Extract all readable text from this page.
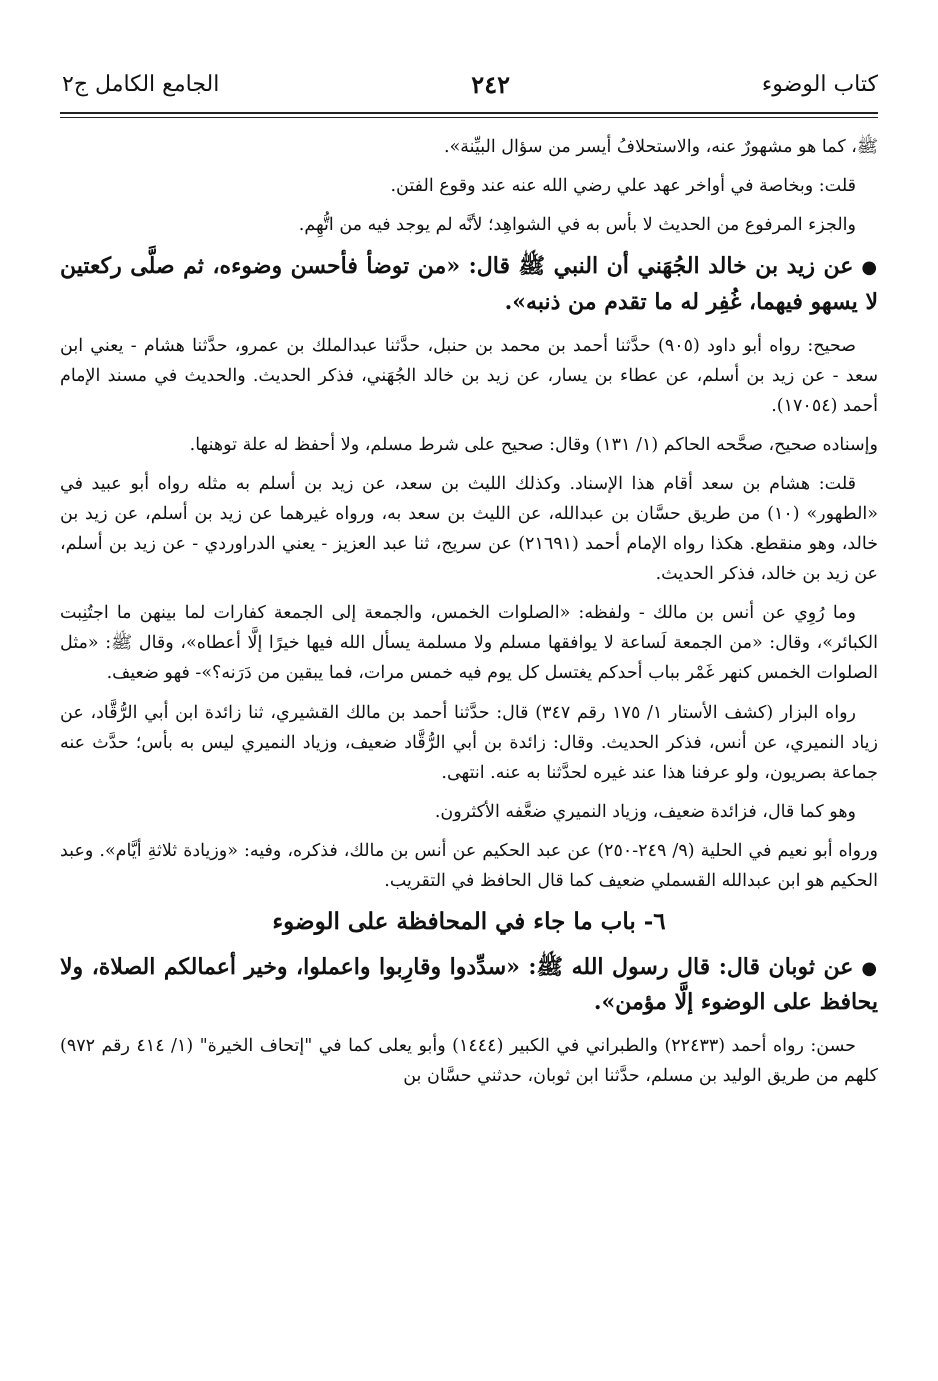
كتاب الوضوء
٢٤٢
الجامع الكامل ج٢

ﷺ، كما هو مشهورٌ عنه، والاستحلافُ أيسر من سؤال البيِّنة».

قلت: وبخاصة في أواخر عهد علي رضي الله عنه عند وقوع الفتن.

والجزء المرفوع من الحديث لا بأس به في الشواهِد؛ لأنَّه لم يوجد فيه من اتُّهِم.

●عن زيد بن خالد الجُهَني أن النبي ﷺ قال: «من توضأ فأحسن وضوءه، ثم صلَّى ركعتين لا يسهو فيهما، غُفِر له ما تقدم من ذنبه».

صحيح: رواه أبو داود (٩٠٥) حدَّثنا أحمد بن محمد بن حنبل، حدَّثنا عبدالملك بن عمرو، حدَّثنا هشام - يعني ابن سعد - عن زيد بن أسلم، عن عطاء بن يسار، عن زيد بن خالد الجُهَني، فذكر الحديث. والحديث في مسند الإمام أحمد (١٧٠٥٤).

وإسناده صحيح، صحَّحه الحاكم (١/ ١٣١) وقال: صحيح على شرط مسلم، ولا أحفظ له علة توهنها.

قلت: هشام بن سعد أقام هذا الإسناد. وكذلك الليث بن سعد، عن زيد بن أسلم به مثله رواه أبو عبيد في «الطهور» (١٠) من طريق حسَّان بن عبدالله، عن الليث بن سعد به، ورواه غيرهما عن زيد بن أسلم، عن زيد بن خالد، وهو منقطع. هكذا رواه الإمام أحمد (٢١٦٩١) عن سريج، ثنا عبد العزيز - يعني الدراوردي - عن زيد بن أسلم، عن زيد بن خالد، فذكر الحديث.

وما رُوِي عن أنس بن مالك - ولفظه: «الصلوات الخمس، والجمعة إلى الجمعة كفارات لما بينهن ما اجتُنِبت الكبائر»، وقال: «من الجمعة لَساعة لا يوافقها مسلم ولا مسلمة يسأل الله فيها خيرًا إلَّا أعطاه»، وقال ﷺ: «مثل الصلوات الخمس كنهر غَمْر بباب أحدكم يغتسل كل يوم فيه خمس مرات، فما يبقين من دَرَنه؟»- فهو ضعيف.

رواه البزار (كشف الأستار ١/ ١٧٥ رقم ٣٤٧) قال: حدَّثنا أحمد بن مالك القشيري، ثنا زائدة ابن أبي الرُّقَّاد، عن زياد النميري، عن أنس، فذكر الحديث. وقال: زائدة بن أبي الرُّقَّاد ضعيف، وزياد النميري ليس به بأس؛ حدَّث عنه جماعة بصريون، ولو عرفنا هذا عند غيره لحدَّثنا به عنه. انتهى.

وهو كما قال، فزائدة ضعيف، وزياد النميري ضعَّفه الأكثرون.

ورواه أبو نعيم في الحلية (٩/ ٢٤٩-٢٥٠) عن عبد الحكيم عن أنس بن مالك، فذكره، وفيه: «وزيادة ثلاثةِ أيَّام». وعبد الحكيم هو ابن عبدالله القسملي ضعيف كما قال الحافظ في التقريب.

٦- باب ما جاء في المحافظة على الوضوء

●عن ثوبان قال: قال رسول الله ﷺ: «سدِّدوا وقارِبوا واعملوا، وخير أعمالكم الصلاة، ولا يحافظ على الوضوء إلَّا مؤمن».

حسن: رواه أحمد (٢٢٤٣٣) والطبراني في الكبير (١٤٤٤) وأبو يعلى كما في "إتحاف الخيرة" (١/ ٤١٤ رقم ٩٧٢) كلهم من طريق الوليد بن مسلم، حدَّثنا ابن ثوبان، حدثني حسَّان بن
